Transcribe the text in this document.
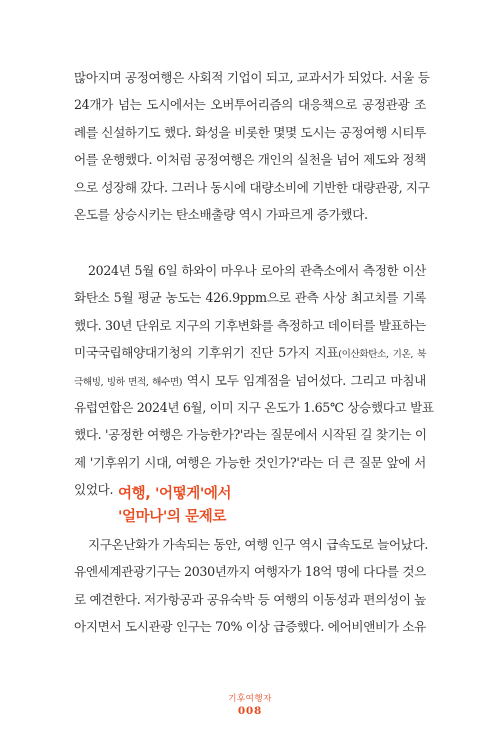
많아지며 공정여행은 사회적 기업이 되고, 교과서가 되었다. 서울 등
24개가 넘는 도시에서는 오버투어리즘의 대응책으로 공정관광 조
례를 신설하기도 했다. 화성을 비롯한 몇몇 도시는 공정여행 시티투
어를 운행했다. 이처럼 공정여행은 개인의 실천을 넘어 제도와 정책
으로 성장해 갔다. 그러나 동시에 대량소비에 기반한 대량관광, 지구
온도를 상승시키는 탄소배출량 역시 가파르게 증가했다.
2024년 5월 6일 하와이 마우나 로아의 관측소에서 측정한 이산
화탄소 5월 평균 농도는 426.9ppm으로 관측 사상 최고치를 기록
했다. 30년 단위로 지구의 기후변화를 측정하고 데이터를 발표하는
미국국립해양대기청의 기후위기 진단 5가지 지표(이산화탄소, 기온, 북
극해빙, 빙하 면적, 해수면) 역시 모두 임계점을 넘어섰다. 그리고 마침내
유럽연합은 2024년 6월, 이미 지구 온도가 1.65℃ 상승했다고 발표
했다. '공정한 여행은 가능한가?'라는 질문에서 시작된 길 찾기는 이
제 '기후위기 시대, 여행은 가능한 것인가?'라는 더 큰 질문 앞에 서
있었다. 여행, '어떻게'에서
'얼마나'의 문제로
지구온난화가 가속되는 동안, 여행 인구 역시 급속도로 늘어났다.
유엔세계관광기구는 2030년까지 여행자가 18억 명에 다다를 것으
로 예견한다. 저가항공과 공유숙박 등 여행의 이동성과 편의성이 높
아지면서 도시관광 인구는 70% 이상 급증했다. 에어비앤비가 소유
기후여행자
008
